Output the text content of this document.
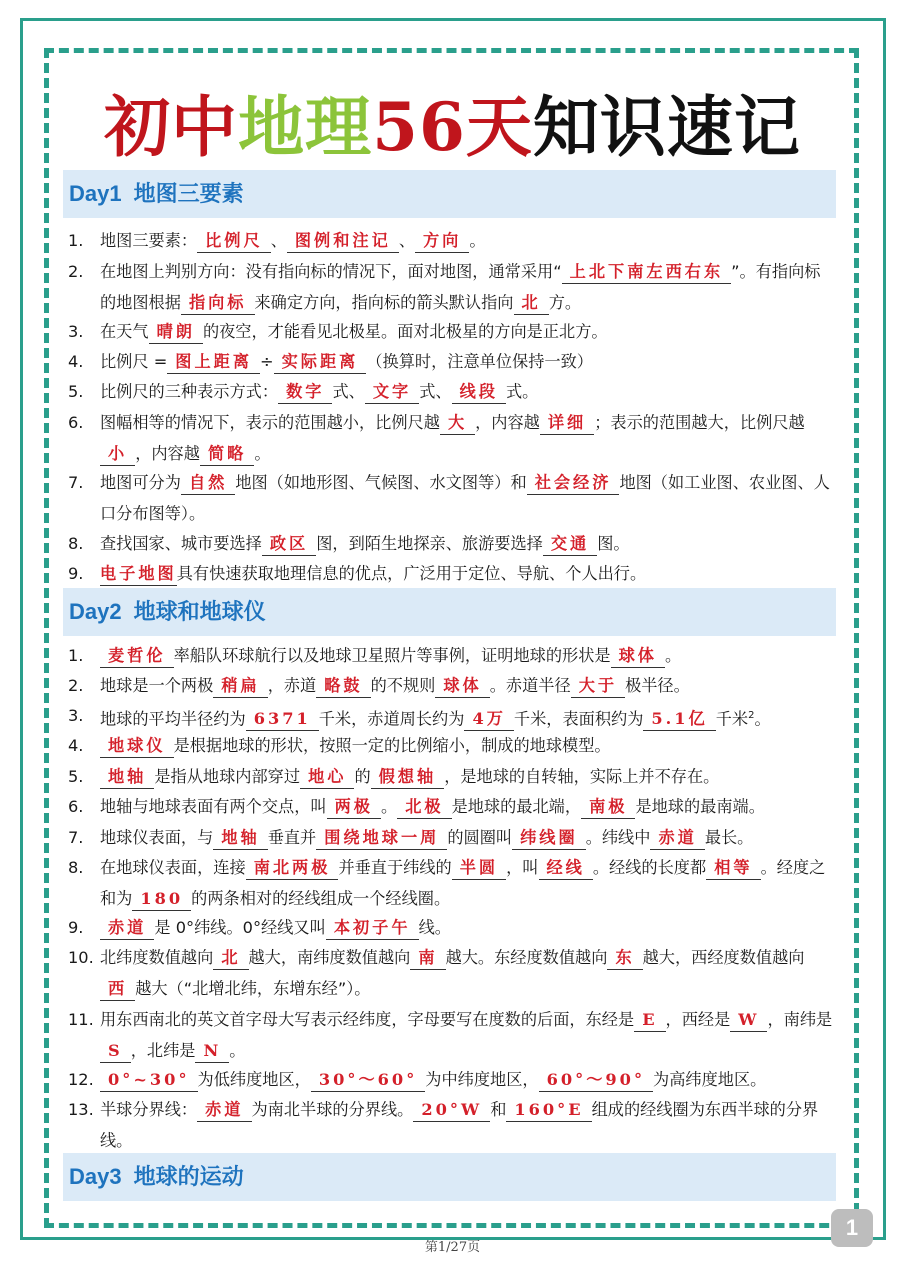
初中地理56天知识速记
Day1 地图三要素
1.	地图三要素： 比例尺 、 图例和注记 、 方向 。
2.	在地图上判别方向：没有指向标的情况下，面对地图，通常采用“ 上北下南左西右东 ”。有指向标的地图根据 指向标 来确定方向，指向标的箭头默认指向 北 方。
3.	在天气 晴朗 的夜空，才能看见北极星。面对北极星的方向是正北方。
4.	比例尺 = 图上距离 ÷ 实际距离 （换算时，注意单位保持一致）
5.	比例尺的三种表示方式： 数字 式、 文字 式、 线段 式。
6.	图幅相等的情况下，表示的范围越小，比例尺越 大 ，内容越 详细 ；表示的范围越大，比例尺越小 ，内容越 简略 。
7.	地图可分为 自然 地图（如地形图、气候图、水文图等）和 社会经济 地图（如工业图、农业图、人口分布图等）。
8.	查找国家、城市要选择 政区 图，到陌生地探亲、旅游要选择 交通 图。
9.	电子地图具有快速获取地理信息的优点，广泛用于定位、导航、个人出行。
Day2 地球和地球仪
1.	麦哲伦 率船队环球航行以及地球卫星照片等事例，证明地球的形状是 球体 。
2.	地球是一个两极 稍扁 ，赤道 略鼓 的不规则 球体 。赤道半径 大于 极半径。
3.	地球的平均半径约为 6371 千米，赤道周长约为 4万 千米，表面积约为 5.1亿 千米$^2$。
4.	地球仪 是根据地球的形状，按照一定的比例缩小，制成的地球模型。
5.	地轴 是指从地球内部穿过 地心 的 假想轴 ，是地球的自转轴，实际上并不存在。
6.	地轴与地球表面有两个交点，叫 两极 。 北极 是地球的最北端， 南极 是地球的最南端。
7.	地球仪表面，与 地轴 垂直并 围绕地球一周 的圆圈叫 纬线圈 。纬线中 赤道 最长。
8.	在地球仪表面，连接 南北两极 并垂直于纬线的 半圆 ，叫 经线 。经线的长度都 相等 。经度之和为 180 的两条相对的经线组成一个经线圈。
9.	赤道 是 0°纬线。0°经线又叫 本初子午 线。
10. 北纬度数值越向 北 越大，南纬度数值越向 南 越大。东经度数值越向 东 越大，西经度数值越向西 越大（“北增北纬，东增东经”）。
11. 用东西南北的英文首字母大写表示经纬度，字母要写在度数的后面，东经是 E ，西经是 W ，南纬是S ，北纬是 N 。
12. 0°~30° 为低纬度地区， 30°～60° 为中纬度地区， 60°～90° 为高纬度地区。
13. 半球分界线： 赤道 为南北半球的分界线。 20°W 和 160°E 组成的经线圈为东西半球的分界线。
Day3 地球的运动
第1/27页
1
